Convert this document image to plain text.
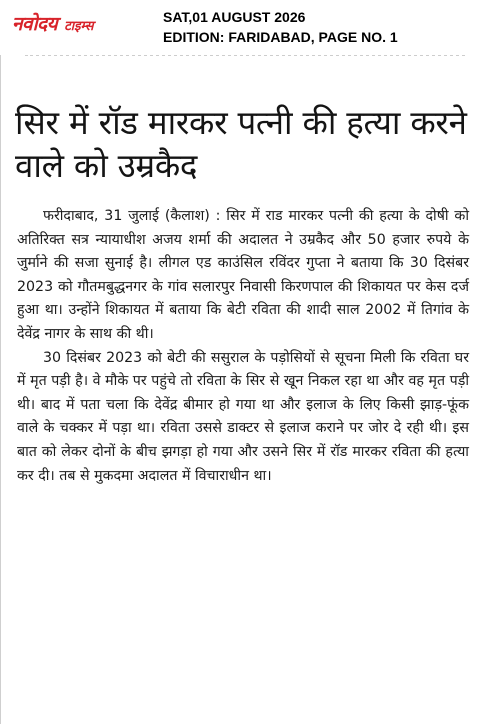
नवोदय टाइम्स
SAT,01 AUGUST 2026
EDITION: FARIDABAD, PAGE NO. 1
सिर में रॉड मारकर पत्नी की हत्या करने वाले को उम्रकैद

फरीदाबाद, 31 जुलाई (कैलाश) : सिर में राड मारकर पत्नी की हत्या के दोषी को अतिरिक्त सत्र न्यायाधीश अजय शर्मा की अदालत ने उम्रकैद और 50 हजार रुपये के जुर्माने की सजा सुनाई है। लीगल एड काउंसिल रविंदर गुप्ता ने बताया कि 30 दिसंबर 2023 को गौतमबुद्धनगर के गांव सलारपुर निवासी किरणपाल की शिकायत पर केस दर्ज हुआ था। उन्होंने शिकायत में बताया कि बेटी रविता की शादी साल 2002 में तिगांव के देवेंद्र नागर के साथ की थी।

30 दिसंबर 2023 को बेटी की ससुराल के पड़ोसियों से सूचना मिली कि रविता घर में मृत पड़ी है। वे मौके पर पहुंचे तो रविता के सिर से खून निकल रहा था और वह मृत पड़ी थी। बाद में पता चला कि देवेंद्र बीमार हो गया था और इलाज के लिए किसी झाड़-फूंक वाले के चक्कर में पड़ा था। रविता उससे डाक्टर से इलाज कराने पर जोर दे रही थी। इस बात को लेकर दोनों के बीच झगड़ा हो गया और उसने सिर में रॉड मारकर रविता की हत्या कर दी। तब से मुकदमा अदालत में विचाराधीन था।
